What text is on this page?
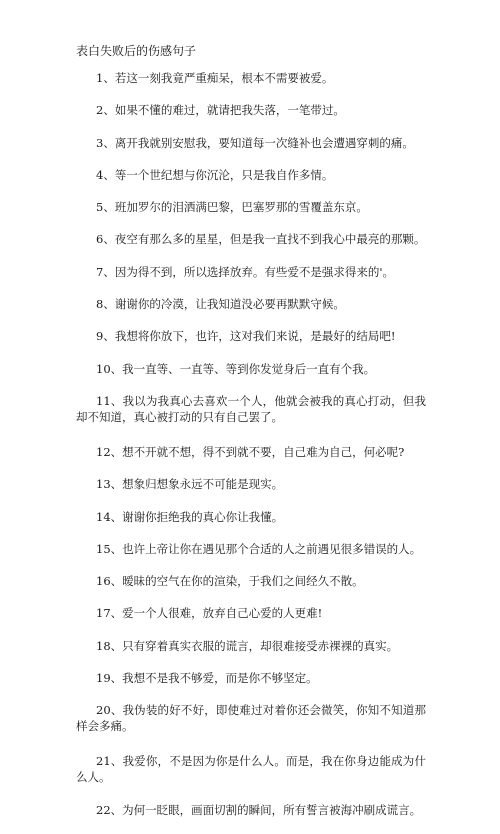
表白失败后的伤感句子
1、若这一刻我竟严重痴呆，根本不需要被爱。
2、如果不懂的难过，就请把我失落，一笔带过。
3、离开我就别安慰我，要知道每一次缝补也会遭遇穿刺的痛。
4、等一个世纪想与你沉沦，只是我自作多情。
5、班加罗尔的泪洒满巴黎，巴塞罗那的雪覆盖东京。
6、夜空有那么多的星星，但是我一直找不到我心中最亮的那颗。
7、因为得不到，所以选择放弃。有些爱不是强求得来的'。
8、谢谢你的冷漠，让我知道没必要再默默守候。
9、我想将你放下，也许，这对我们来说，是最好的结局吧!
10、我一直等、一直等、等到你发觉身后一直有个我。
11、我以为我真心去喜欢一个人，他就会被我的真心打动，但我却不知道，真心被打动的只有自己罢了。
12、想不开就不想，得不到就不要，自己难为自己，何必呢?
13、想象归想象永远不可能是现实。
14、谢谢你拒绝我的真心你让我懂。
15、也许上帝让你在遇见那个合适的人之前遇见很多错误的人。
16、暧昧的空气在你的渲染，于我们之间经久不散。
17、爱一个人很难，放弃自己心爱的人更难!
18、只有穿着真实衣服的谎言，却很难接受赤裸裸的真实。
19、我想不是我不够爱，而是你不够坚定。
20、我伪装的好不好，即使难过对着你还会微笑，你知不知道那样会多痛。
21、我爱你，不是因为你是什么人。而是，我在你身边能成为什么人。
22、为何一眨眼，画面切割的瞬间，所有誓言被海冲刷成谎言。
